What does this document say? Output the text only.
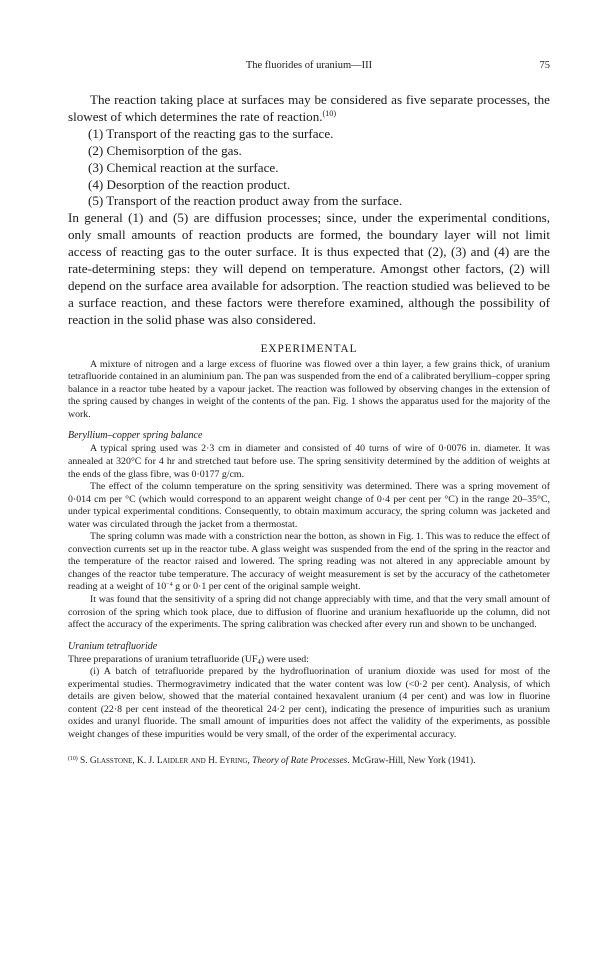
The fluorides of uranium—III	75

The reaction taking place at surfaces may be considered as five separate processes, the slowest of which determines the rate of reaction.$^{(10)}$

(1) Transport of the reacting gas to the surface.
(2) Chemisorption of the gas.
(3) Chemical reaction at the surface.
(4) Desorption of the reaction product.
(5) Transport of the reaction product away from the surface.

In general (1) and (5) are diffusion processes; since, under the experimental conditions, only small amounts of reaction products are formed, the boundary layer will not limit access of reacting gas to the outer surface. It is thus expected that (2), (3) and (4) are the rate-determining steps: they will depend on temperature. Amongst other factors, (2) will depend on the surface area available for adsorption. The reaction studied was believed to be a surface reaction, and these factors were therefore examined, although the possibility of reaction in the solid phase was also considered.

EXPERIMENTAL

A mixture of nitrogen and a large excess of fluorine was flowed over a thin layer, a few grains thick, of uranium tetrafluoride contained in an aluminium pan. The pan was suspended from the end of a calibrated beryllium–copper spring balance in a reactor tube heated by a vapour jacket. The reaction was followed by observing changes in the extension of the spring caused by changes in weight of the contents of the pan. Fig. 1 shows the apparatus used for the majority of the work.

Beryllium–copper spring balance

A typical spring used was 2·3 cm in diameter and consisted of 40 turns of wire of 0·0076 in. diameter. It was annealed at 320°C for 4 hr and stretched taut before use. The spring sensitivity determined by the addition of weights at the ends of the glass fibre, was 0·0177 g/cm.

The effect of the column temperature on the spring sensitivity was determined. There was a spring movement of 0·014 cm per °C (which would correspond to an apparent weight change of 0·4 per cent per °C) in the range 20–35°C, under typical experimental conditions. Consequently, to obtain maximum accuracy, the spring column was jacketed and water was circulated through the jacket from a thermostat.

The spring column was made with a constriction near the botton, as shown in Fig. 1. This was to reduce the effect of convection currents set up in the reactor tube. A glass weight was suspended from the end of the spring in the reactor and the temperature of the reactor raised and lowered. The spring reading was not altered in any appreciable amount by changes of the reactor tube temperature. The accuracy of weight measurement is set by the accuracy of the cathetometer reading at a weight of $10^{-4}$ g or 0·1 per cent of the original sample weight.

It was found that the sensitivity of a spring did not change appreciably with time, and that the very small amount of corrosion of the spring which took place, due to diffusion of fluorine and uranium hexafluoride up the column, did not affect the accuracy of the experiments. The spring calibration was checked after every run and shown to be unchanged.

Uranium tetrafluoride

Three preparations of uranium tetrafluoride $(UF_4)$ were used:

(i) A batch of tetrafluoride prepared by the hydrofluorination of uranium dioxide was used for most of the experimental studies. Thermogravimetry indicated that the water content was low (<0·2 per cent). Analysis, of which details are given below, showed that the material contained hexavalent uranium (4 per cent) and was low in fluorine content (22·8 per cent instead of the theoretical 24·2 per cent), indicating the presence of impurities such as uranium oxides and uranyl fluoride. The small amount of impurities does not affect the validity of the experiments, as possible weight changes of these impurities would be very small, of the order of the experimental accuracy.

$^{(10)}$ S. Glasstone, K. J. Laidler and H. Eyring, Theory of Rate Processes. McGraw-Hill, New York (1941).
